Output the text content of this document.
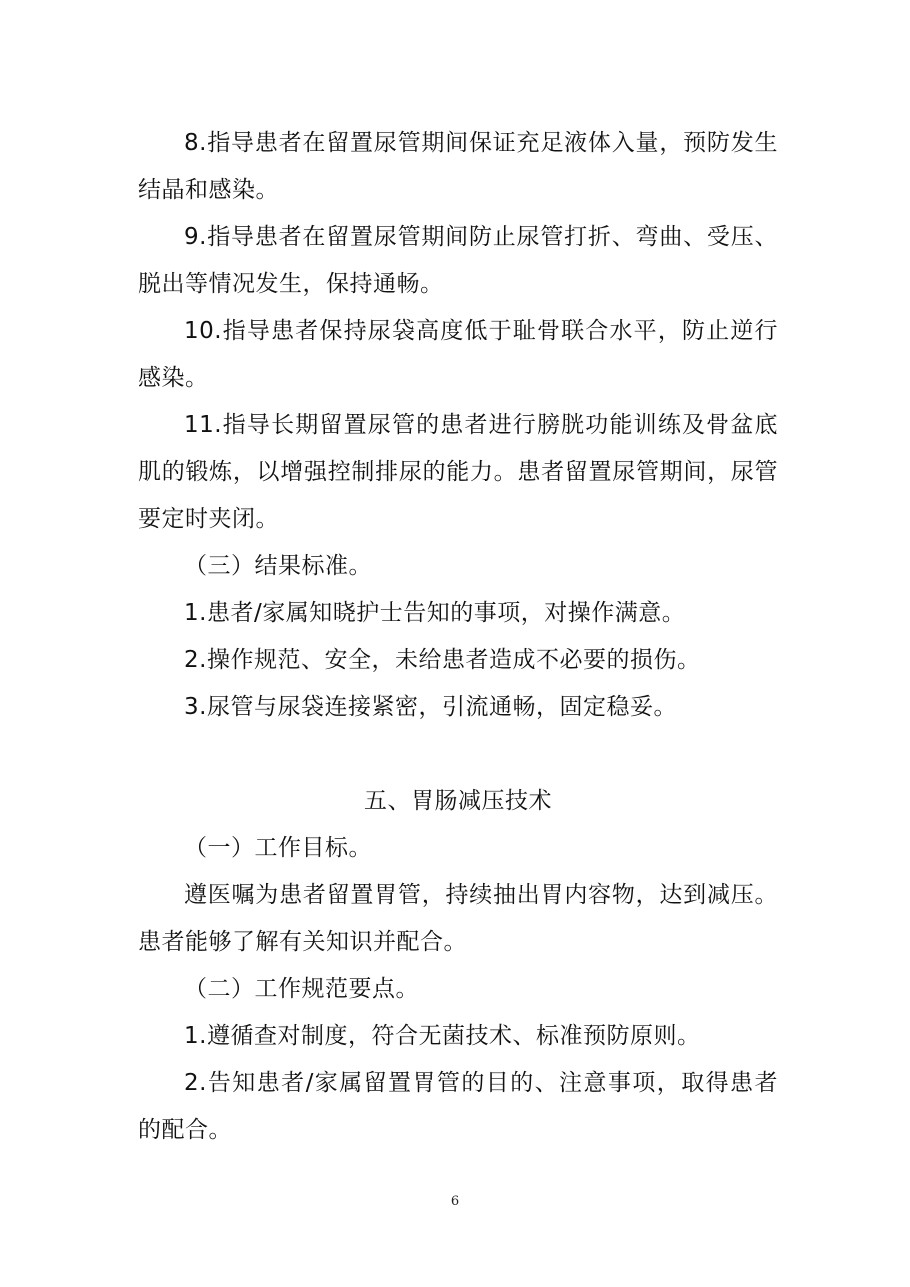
8.指导患者在留置尿管期间保证充足液体入量，预防发生结晶和感染。

9.指导患者在留置尿管期间防止尿管打折、弯曲、受压、脱出等情况发生，保持通畅。

10.指导患者保持尿袋高度低于耻骨联合水平，防止逆行感染。

11.指导长期留置尿管的患者进行膀胱功能训练及骨盆底肌的锻炼，以增强控制排尿的能力。患者留置尿管期间，尿管要定时夹闭。

（三）结果标准。

1.患者/家属知晓护士告知的事项，对操作满意。

2.操作规范、安全，未给患者造成不必要的损伤。

3.尿管与尿袋连接紧密，引流通畅，固定稳妥。

五、胃肠减压技术

（一）工作目标。

遵医嘱为患者留置胃管，持续抽出胃内容物，达到减压。患者能够了解有关知识并配合。

（二）工作规范要点。

1.遵循查对制度，符合无菌技术、标准预防原则。

2.告知患者/家属留置胃管的目的、注意事项，取得患者的配合。

6
